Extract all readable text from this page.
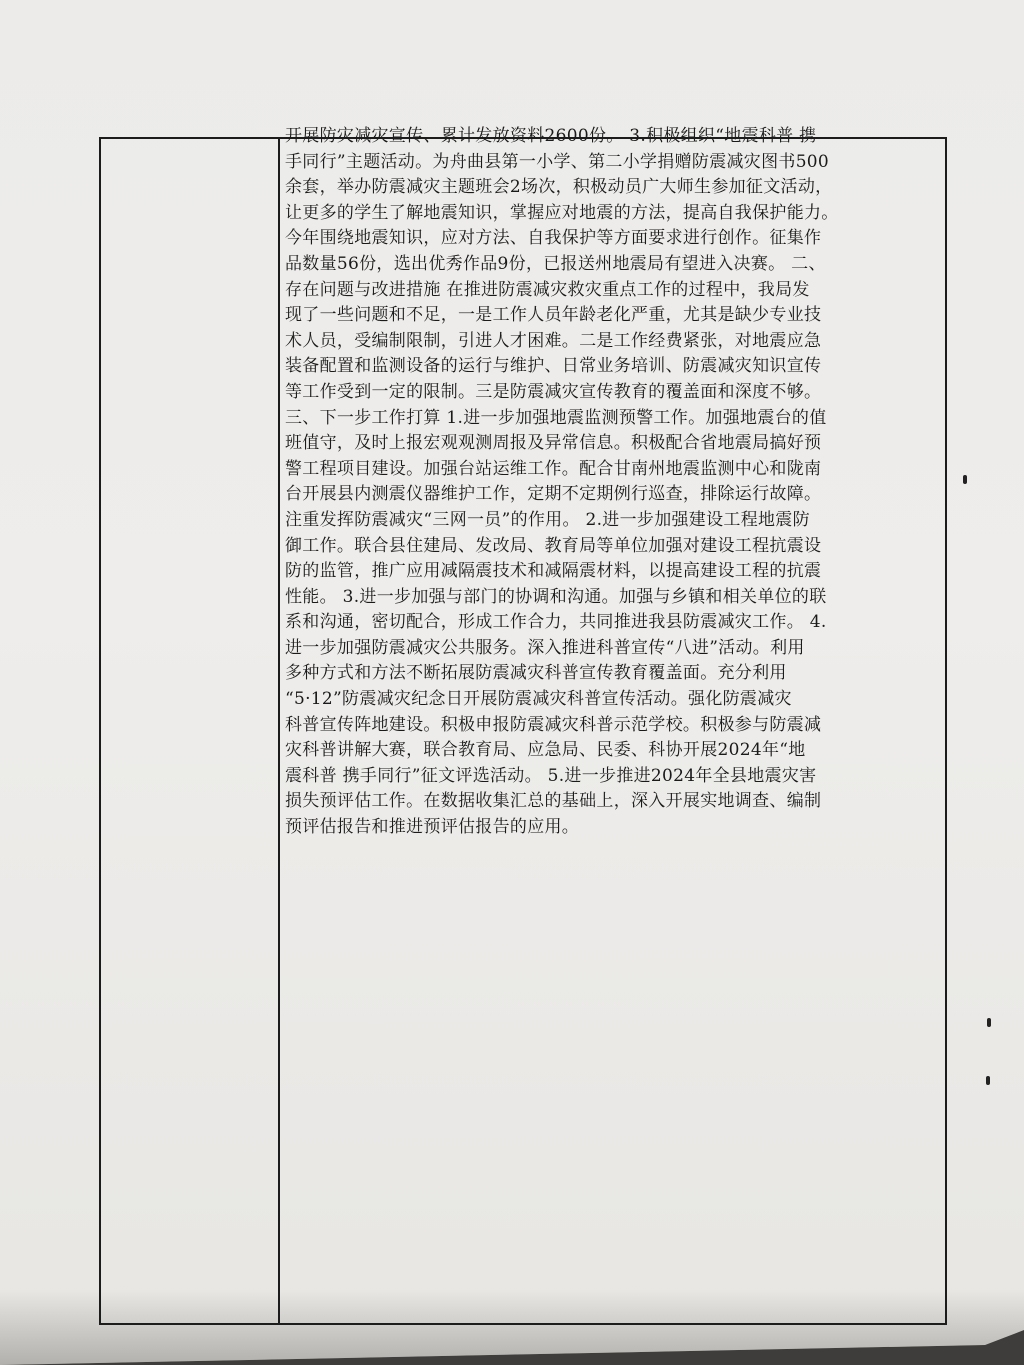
开展防灾减灾宣传、累计发放资料2600份。 3.积极组织“地震科普 携
手同行”主题活动。为舟曲县第一小学、第二小学捐赠防震减灾图书500
余套，举办防震减灾主题班会2场次，积极动员广大师生参加征文活动，
让更多的学生了解地震知识，掌握应对地震的方法，提高自我保护能力。
今年围绕地震知识，应对方法、自我保护等方面要求进行创作。征集作
品数量56份，选出优秀作品9份，已报送州地震局有望进入决赛。 二、
存在问题与改进措施 在推进防震减灾救灾重点工作的过程中，我局发
现了一些问题和不足，一是工作人员年龄老化严重，尤其是缺少专业技
术人员，受编制限制，引进人才困难。二是工作经费紧张，对地震应急
装备配置和监测设备的运行与维护、日常业务培训、防震减灾知识宣传
等工作受到一定的限制。三是防震减灾宣传教育的覆盖面和深度不够。
三、下一步工作打算 1.进一步加强地震监测预警工作。加强地震台的值
班值守，及时上报宏观观测周报及异常信息。积极配合省地震局搞好预
警工程项目建设。加强台站运维工作。配合甘南州地震监测中心和陇南
台开展县内测震仪器维护工作，定期不定期例行巡查，排除运行故障。
注重发挥防震减灾“三网一员”的作用。 2.进一步加强建设工程地震防
御工作。联合县住建局、发改局、教育局等单位加强对建设工程抗震设
防的监管，推广应用减隔震技术和减隔震材料，以提高建设工程的抗震
性能。 3.进一步加强与部门的协调和沟通。加强与乡镇和相关单位的联
系和沟通，密切配合，形成工作合力，共同推进我县防震减灾工作。 4.
进一步加强防震减灾公共服务。深入推进科普宣传“八进”活动。利用
多种方式和方法不断拓展防震减灾科普宣传教育覆盖面。充分利用
“5·12”防震减灾纪念日开展防震减灾科普宣传活动。强化防震减灾
科普宣传阵地建设。积极申报防震减灾科普示范学校。积极参与防震减
灾科普讲解大赛，联合教育局、应急局、民委、科协开展2024年“地
震科普 携手同行”征文评选活动。 5.进一步推进2024年全县地震灾害
损失预评估工作。在数据收集汇总的基础上，深入开展实地调查、编制
预评估报告和推进预评估报告的应用。
